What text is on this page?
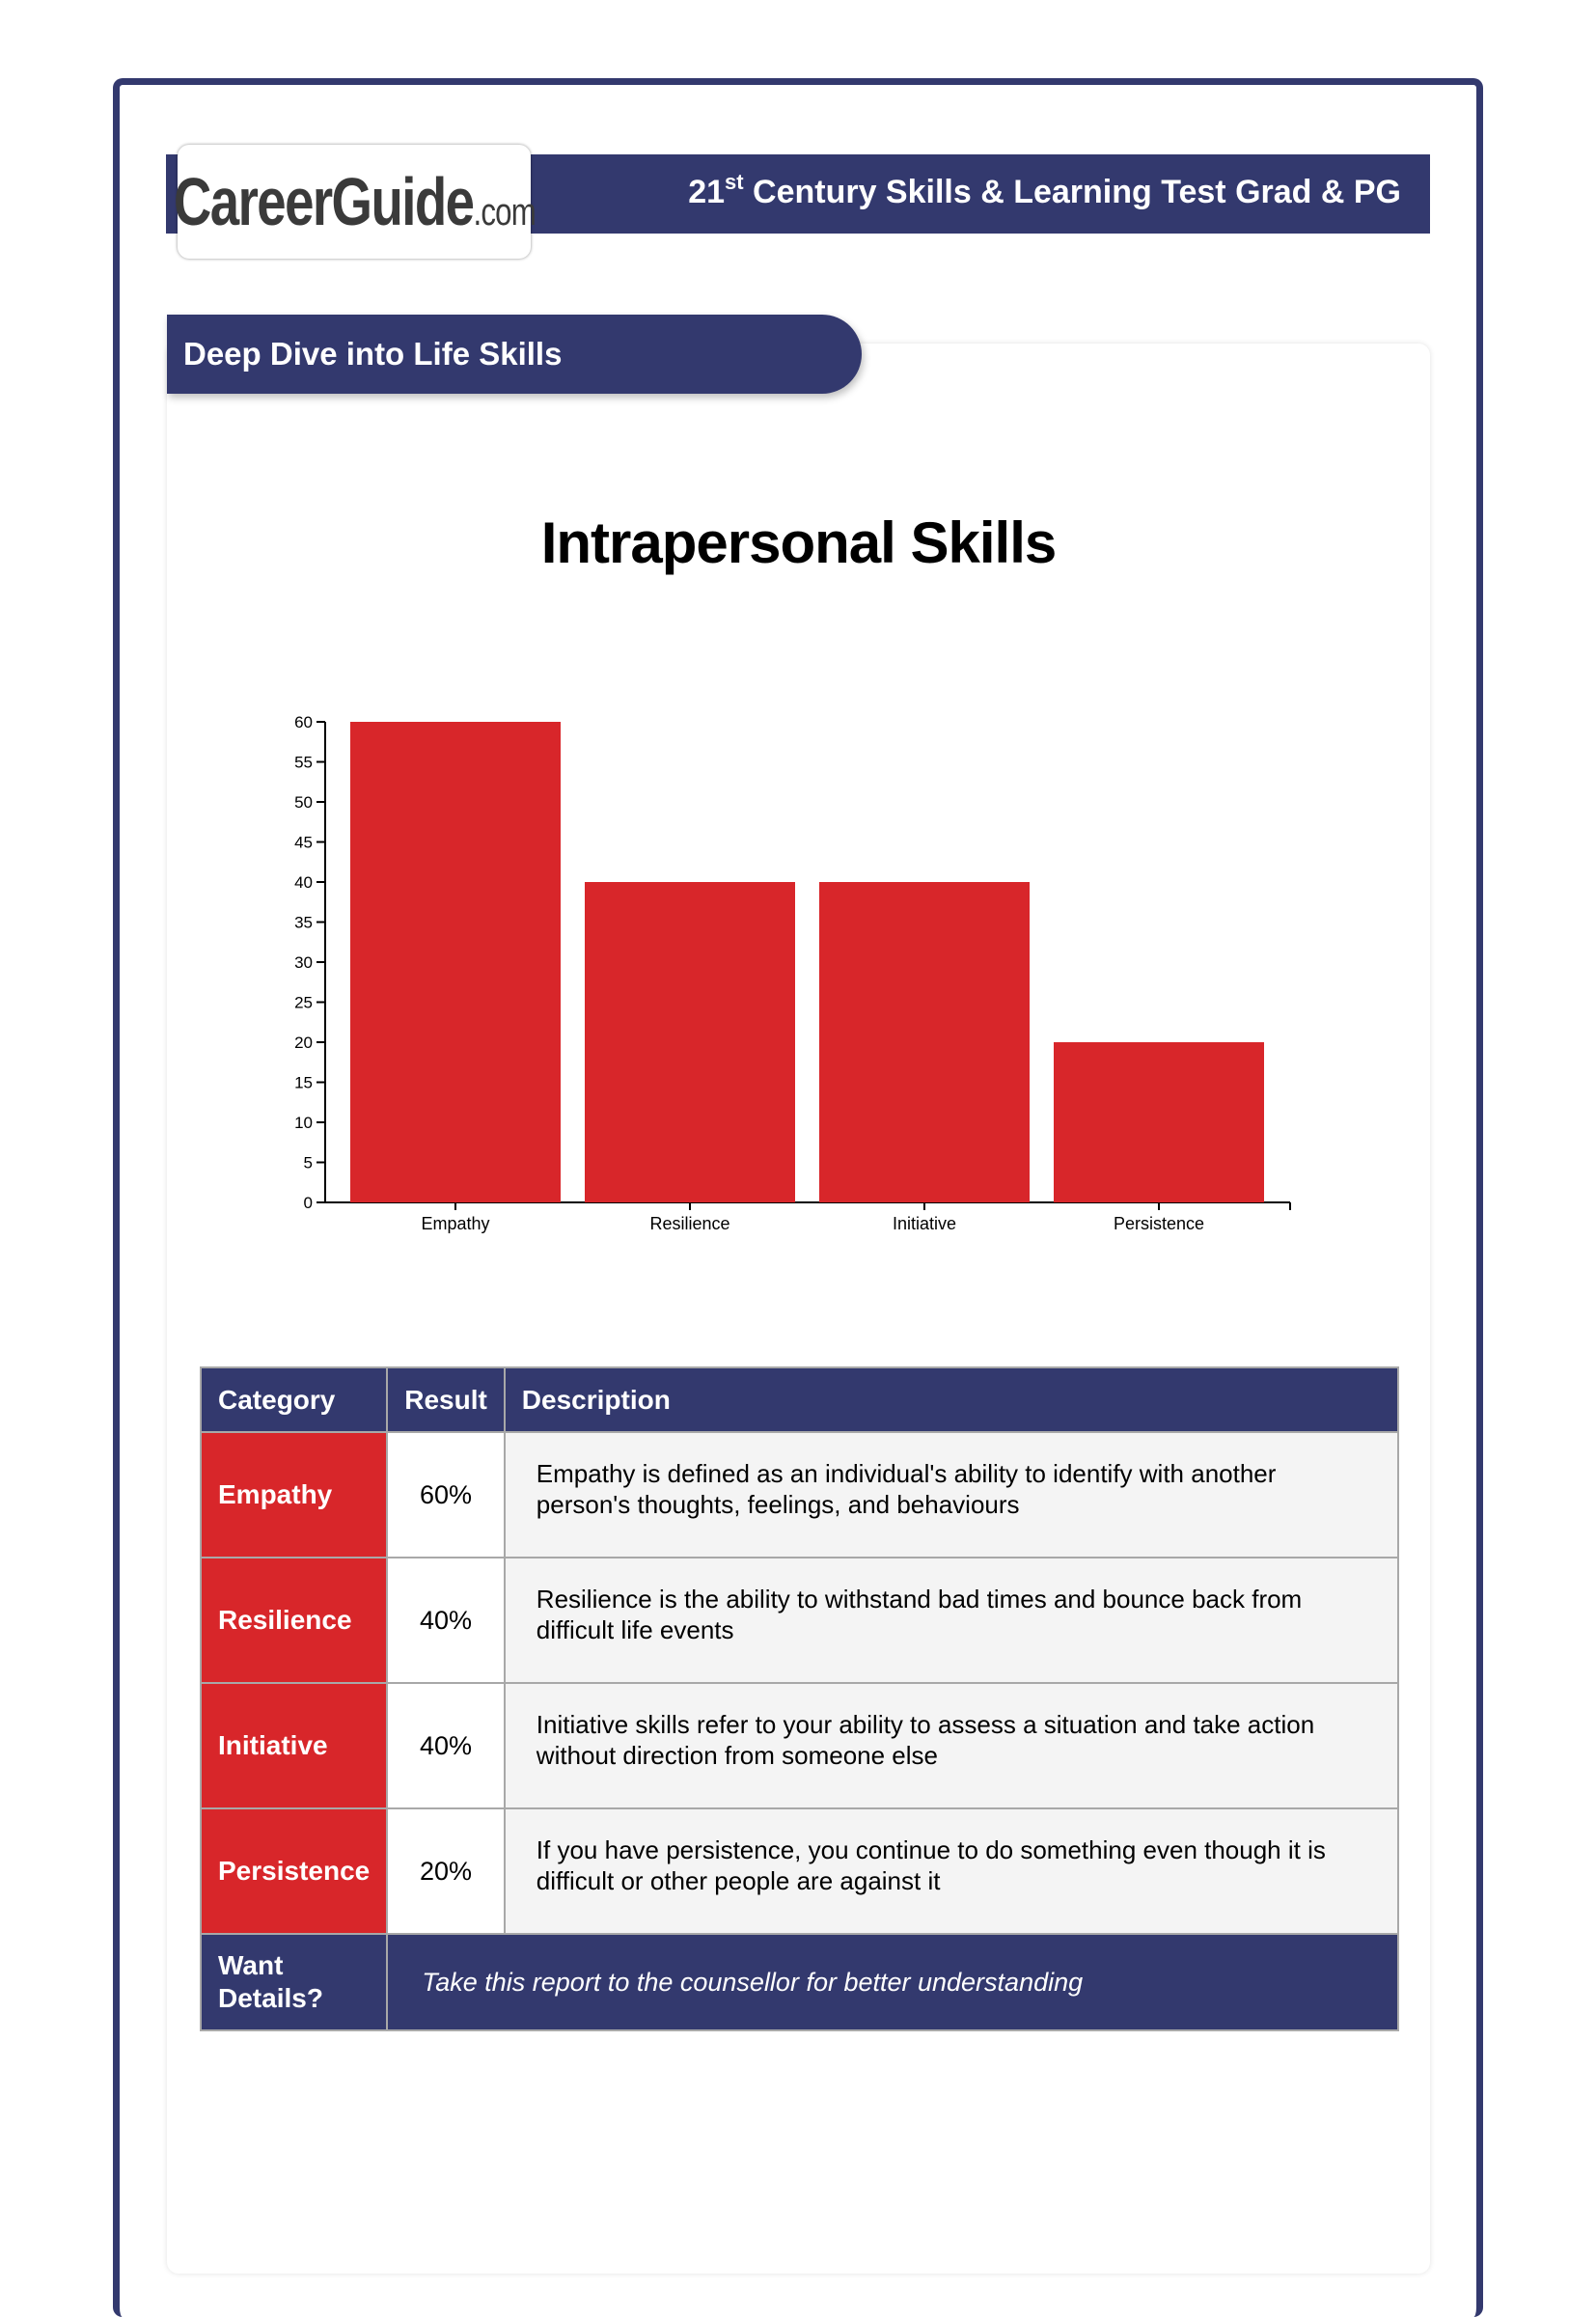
CareerGuide.com	21st Century Skills & Learning Test Grad & PG
Deep Dive into Life Skills
Intrapersonal Skills
0
5
10
15
20
25
30
35
40
45
50
55
60
Empathy	Resilience	Initiative	Persistence
Category	Result	Description
Empathy	60%	Empathy is defined as an individual's ability to identify with another person's thoughts, feelings, and behaviours
Resilience	40%	Resilience is the ability to withstand bad times and bounce back from difficult life events
Initiative	40%	Initiative skills refer to your ability to assess a situation and take action without direction from someone else
Persistence	20%	If you have persistence, you continue to do something even though it is difficult or other people are against it
Want Details?	Take this report to the counsellor for better understanding	
